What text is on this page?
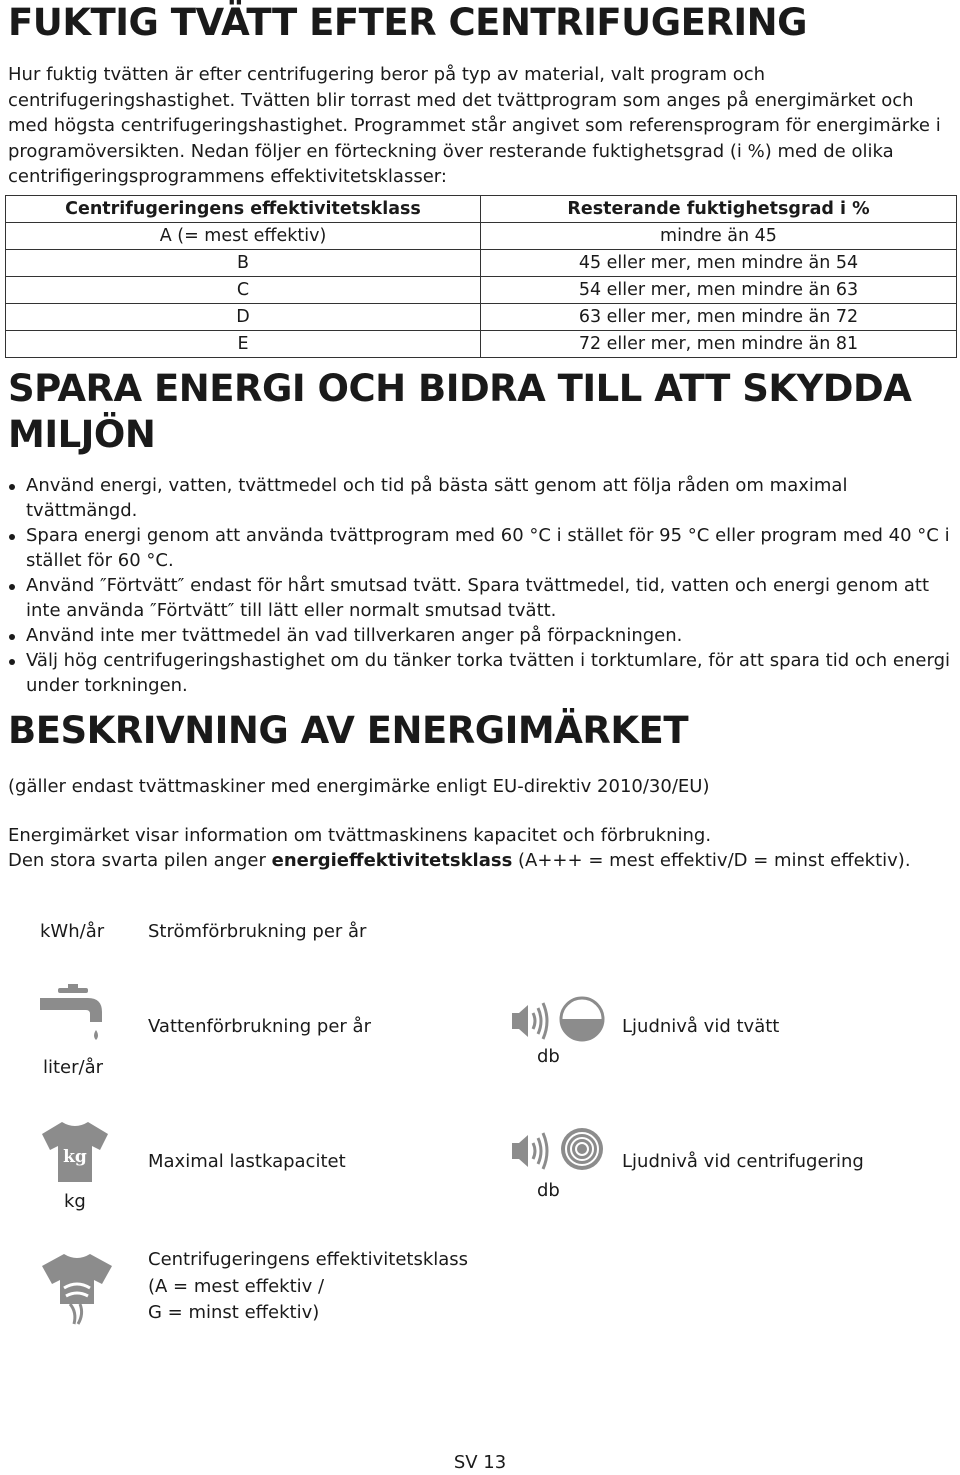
FUKTIG TVÄTT EFTER CENTRIFUGERING

Hur fuktig tvätten är efter centrifugering beror på typ av material, valt program och centrifugeringshastighet. Tvätten blir torrast med det tvättprogram som anges på energimärket och med högsta centrifugeringshastighet. Programmet står angivet som referensprogram för energimärke i programöversikten. Nedan följer en förteckning över resterande fuktighetsgrad (i %) med de olika centrifigeringsprogrammens effektivitetsklasser:

Centrifugeringens effektivitetsklass	Resterande fuktighetsgrad i %
A (= mest effektiv)	mindre än 45
B	45 eller mer, men mindre än 54
C	54 eller mer, men mindre än 63
D	63 eller mer, men mindre än 72
E	72 eller mer, men mindre än 81
SPARA ENERGI OCH BIDRA TILL ATT SKYDDA
MILJÖN
Använd energi, vatten, tvättmedel och tid på bästa sätt genom att följa råden om maximal tvättmängd.
Spara energi genom att använda tvättprogram med 60 °C i stället för 95 °C eller program med 40 °C i stället för 60 °C.
Använd ″Förtvätt″ endast för hårt smutsad tvätt. Spara tvättmedel, tid, vatten och energi genom att inte använda ″Förtvätt″ till lätt eller normalt smutsad tvätt.
Använd inte mer tvättmedel än vad tillverkaren anger på förpackningen.
Välj hög centrifugeringshastighet om du tänker torka tvätten i torktumlare, för att spara tid och energi under torkningen.
BESKRIVNING AV ENERGIMÄRKET

(gäller endast tvättmaskiner med energimärke enligt EU-direktiv 2010/30/EU)

Energimärket visar information om tvättmaskinens kapacitet och förbrukning.

Den stora svarta pilen anger energieffektivitetsklass (A+++ = mest effektiv/D = minst effektiv).

kWh/år Strömförbrukning per år
Vattenförbrukning per år
liter/år
Ljudnivå vid tvätt
db
kg	Maximal lastkapacitet
kg
Ljudnivå vid centrifugering
db
Centrifugeringens effektivitetsklass
(A = mest effektiv /
G = minst effektiv)
SV 13
